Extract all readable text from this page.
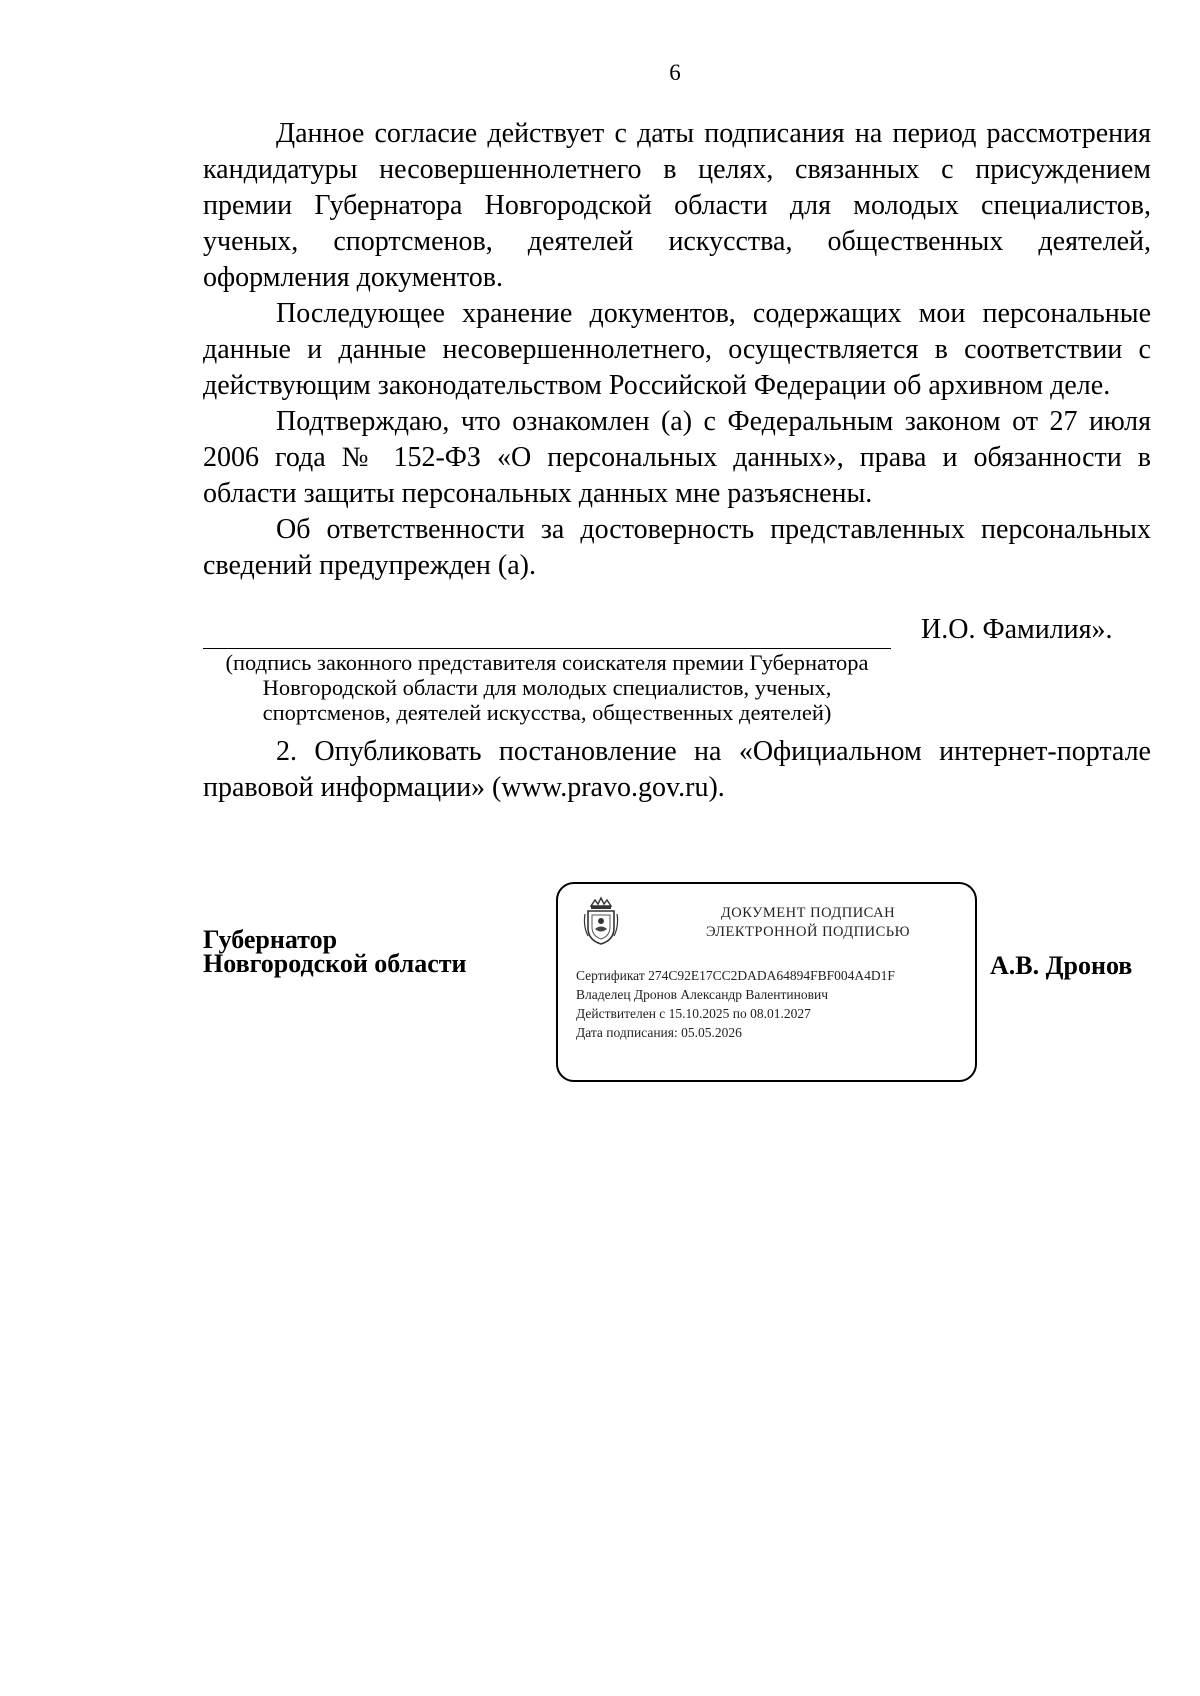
6

Данное согласие действует с даты подписания на период рассмотрения кандидатуры несовершеннолетнего в целях, связанных с присуждением премии Губернатора Новгородской области для молодых специалистов, ученых, спортсменов, деятелей искусства, общественных деятелей, оформления документов.

Последующее хранение документов, содержащих мои персональные данные и данные несовершеннолетнего, осуществляется в соответствии с действующим законодательством Российской Федерации об архивном деле.

Подтверждаю, что ознакомлен (а) с Федеральным законом от 27 июля 2006 года № 152-ФЗ «О персональных данных», права и обязанности в области защиты персональных данных мне разъяснены.

Об ответственности за достоверность представленных персональных сведений предупрежден (а).

И.О. Фамилия».
(подпись законного представителя соискателя премии Губернатора
Новгородской области для молодых специалистов, ученых,
спортсменов, деятелей искусства, общественных деятелей)

2. Опубликовать постановление на «Официальном интернет-портале правовой информации» (www.pravo.gov.ru).

Губернатор
Новгородской области
ДОКУМЕНТ ПОДПИСАН
ЭЛЕКТРОННОЙ ПОДПИСЬЮ
Сертификат 274C92E17CC2DADA64894FBF004A4D1F
Владелец Дронов Александр Валентинович
Действителен с 15.10.2025 по 08.01.2027
Дата подписания: 05.05.2026
А.В. Дронов
